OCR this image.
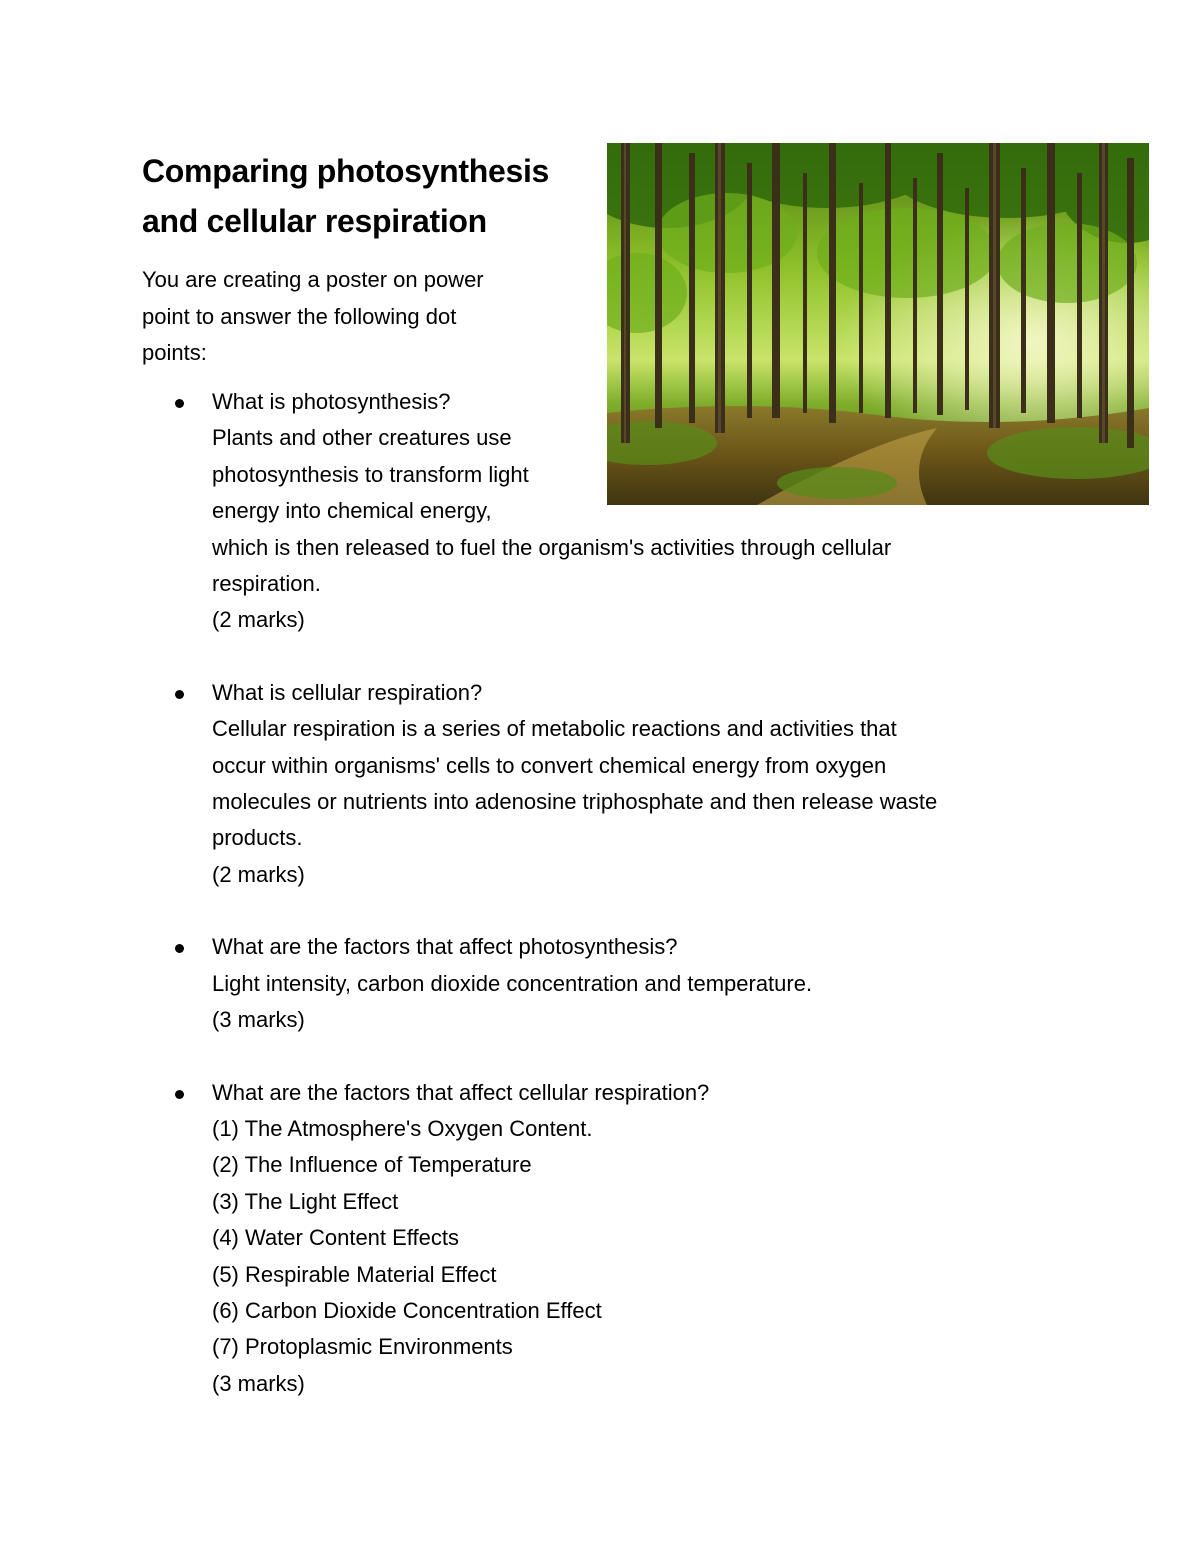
Comparing photosynthesis
and cellular respiration

You are creating a poster on power
point to answer the following dot
points:

What is photosynthesis?
Plants and other creatures use
photosynthesis to transform light
energy into chemical energy,
which is then released to fuel the organism's activities through cellular
respiration.
(2 marks)
What is cellular respiration?
Cellular respiration is a series of metabolic reactions and activities that
occur within organisms' cells to convert chemical energy from oxygen
molecules or nutrients into adenosine triphosphate and then release waste
products.
(2 marks)
What are the factors that affect photosynthesis?
Light intensity, carbon dioxide concentration and temperature.
(3 marks)
What are the factors that affect cellular respiration?
(1) The Atmosphere's Oxygen Content.
(2) The Influence of Temperature
(3) The Light Effect
(4) Water Content Effects
(5) Respirable Material Effect
(6) Carbon Dioxide Concentration Effect
(7) Protoplasmic Environments
(3 marks)
